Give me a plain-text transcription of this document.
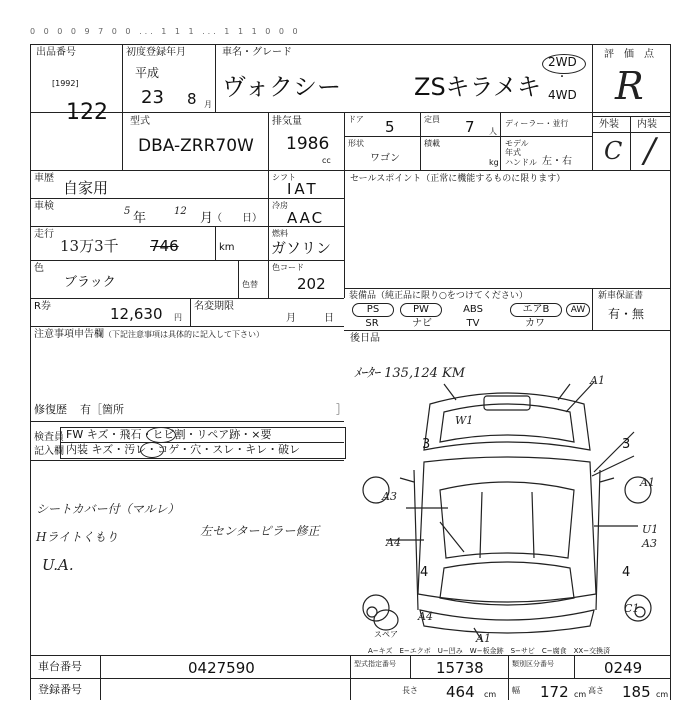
0 0 0 0 9 7 0 0 ... 1 1 1 ... 1 1 1 0 0 0
出品番号
[1992]
122
初度登録年月
平成
23 8 月
車名・グレード
ヴォクシー	ZSキラメキ
2WD
・
4WD
評　価　点
R
外装 内装
C /
型式
DBA-ZRR70W
排気量
1986
cc
ドア 5	定員 7 人
ディーラー・並行
形状
ワゴン
積載
kg
モデル年式
ハンドル 左・右
車歴
自家用
シフト
IAT
車検	5 年	12 月
（　　日）
冷房
AAC
走行
13万3千 746	km
燃料
ガソリン
色
ブラック	色替
色コード
202
セールスポイント（正常に機能するものに限ります）
R券	12,630 円
名変期限
月	日
装備品（純正品に限り○をつけてください）
PS	PW	ABS	エアB	AW
SR	ナビ	TV	カワ
新車保証書
有・無
後日品
注意事項申告欄 （下記注意事項は具体的に記入して下さい）
修復歴 有［箇所	］
検査員
記入欄
FW キズ・飛石・ヒビ割・リペア跡・×要
内装 キズ・汚レ・コゲ・穴・スレ・キレ・破レ
シートカバー付（マルレ）
Hライトくもり
U.A.
左センターピラー修正
ﾒｰﾀｰ 135,124 KM	A1
W1
3	3
A1
A3
U1
A3
A4
4	4
A4
C1
A1
スペア
A−キズ　E−エクボ　U−凹み　W−板金跡　S−サビ　C−腐食　XX−交換済
車台番号	0427590	型式指定番号	15738	類別区分番号	0249
登録番号	長さ 464 cm 幅 172 cm 高さ 185 cm
